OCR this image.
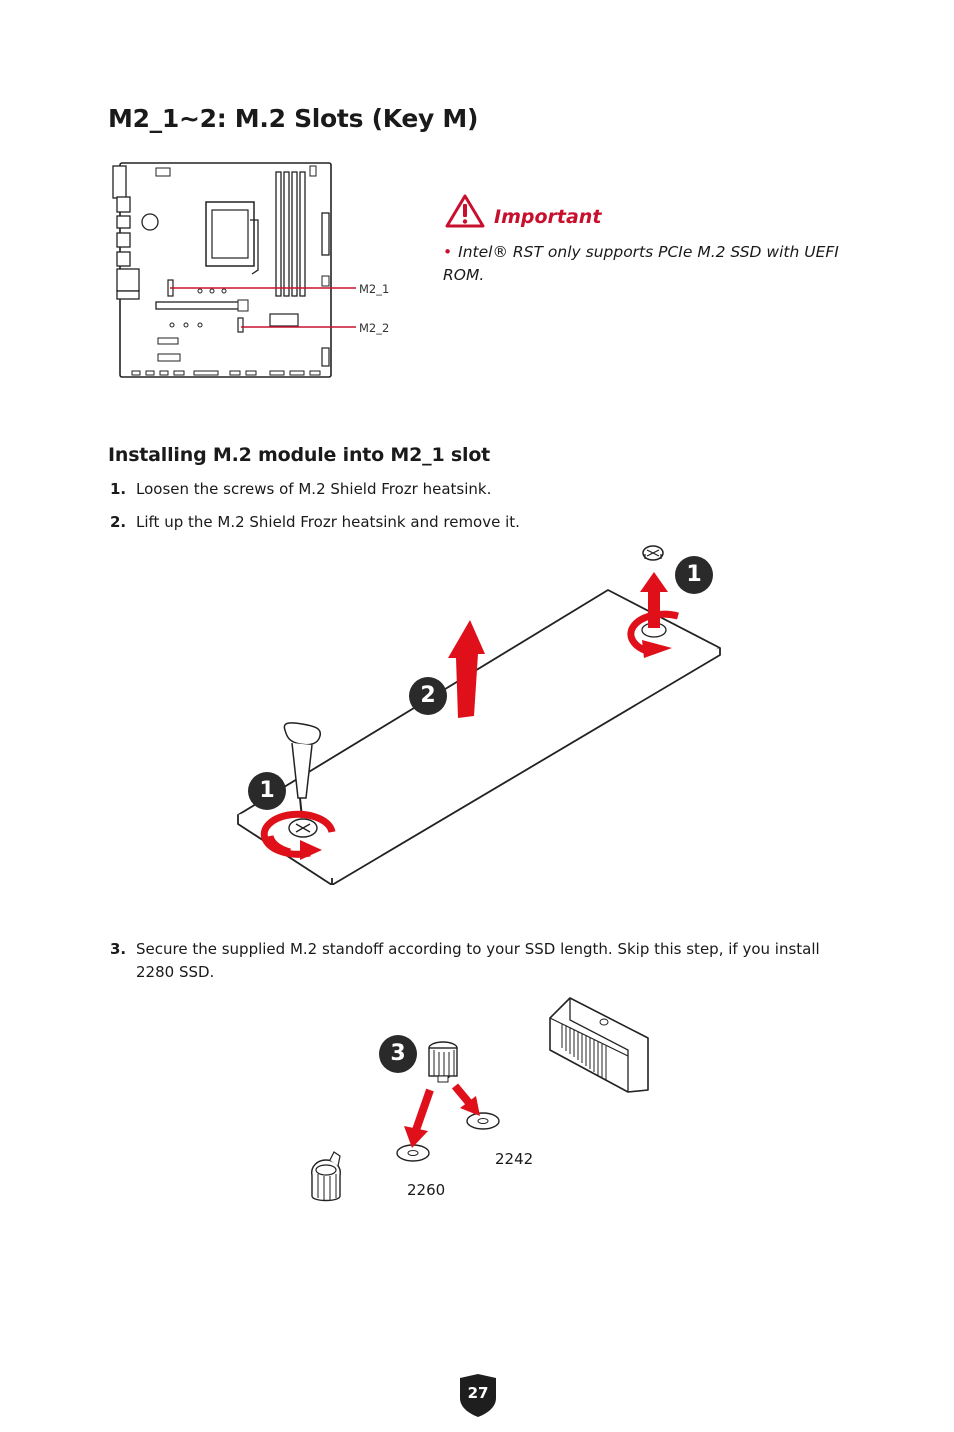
M2_1~2: M.2 Slots (Key M)
M2_1
M2_2
Important
• Intel® RST only supports PCIe M.2 SSD with UEFI ROM.
Installing M.2 module into M2_1 slot
1. Loosen the screws of M.2 Shield Frozr heatsink.
2. Lift up the M.2 Shield Frozr heatsink and remove it.
1
2
1
3. Secure the supplied M.2 standoff according to your SSD length. Skip this step, if you install 2280 SSD.
3
2242
2260
27
